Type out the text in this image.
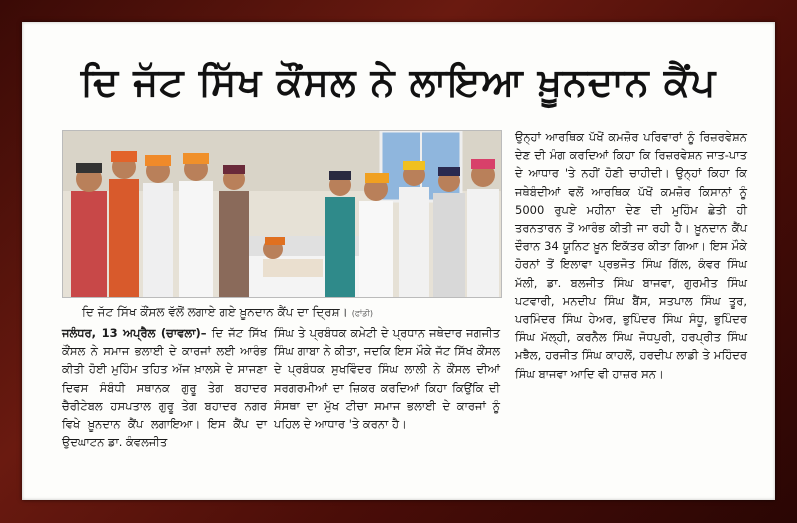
ਦਿ ਜੱਟ ਸਿੱਖ ਕੌਂਸਲ ਨੇ ਲਾਇਆ ਖ਼ੂਨਦਾਨ ਕੈਂਪ
ਦਿ ਜੱਟ ਸਿੱਖ ਕੌਂਸਲ ਵੱਲੋਂ ਲਗਾਏ ਗਏ ਖ਼ੂਨਦਾਨ ਕੈਂਪ ਦਾ ਦ੍ਰਿਸ਼। (ਫਾਂਡੀ)
ਜਲੰਧਰ, 13 ਅਪ੍ਰੈਲ (ਚਾਵਲਾ)– ਦਿ ਜੱਟ ਸਿੱਖ ਕੌਂਸਲ ਨੇ ਸਮਾਜ ਭਲਾਈ ਦੇ ਕਾਰਜਾਂ ਲਈ ਆਰੰਭ ਕੀਤੀ ਹੋਈ ਮੁਹਿੰਮ ਤਹਿਤ ਅੱਜ ਖ਼ਾਲਸੇ ਦੇ ਸਾਜਣਾ ਦਿਵਸ ਸੰਬੰਧੀ ਸਥਾਨਕ ਗੁਰੂ ਤੇਗ ਬਹਾਦਰ ਚੈਰੀਟੇਬਲ ਹਸਪਤਾਲ ਗੁਰੂ ਤੇਗ ਬਹਾਦਰ ਨਗਰ ਵਿਖੇ ਖ਼ੂਨਦਾਨ ਕੈਂਪ ਲਗਾਇਆ। ਇਸ ਕੈਂਪ ਦਾ ਉਦਘਾਟਨ ਡਾ. ਕੰਵਲਜੀਤ
ਸਿੰਘ ਤੇ ਪ੍ਰਬੰਧਕ ਕਮੇਟੀ ਦੇ ਪ੍ਰਧਾਨ ਜਥੇਦਾਰ ਜਗਜੀਤ ਸਿੰਘ ਗਾਬਾ ਨੇ ਕੀਤਾ, ਜਦਕਿ ਇਸ ਮੌਕੇ ਜੱਟ ਸਿੱਖ ਕੌਂਸਲ ਦੇ ਪ੍ਰਬੰਧਕ ਸੁਖਵਿੰਦਰ ਸਿੰਘ ਲਾਲੀ ਨੇ ਕੌਂਸਲ ਦੀਆਂ ਸਰਗਰਮੀਆਂ ਦਾ ਜ਼ਿਕਰ ਕਰਦਿਆਂ ਕਿਹਾ ਕਿਉਂਕਿ ਦੀ ਸੰਸਥਾ ਦਾ ਮੁੱਖ ਟੀਚਾ ਸਮਾਜ ਭਲਾਈ ਦੇ ਕਾਰਜਾਂ ਨੂੰ ਪਹਿਲ ਦੇ ਆਧਾਰ 'ਤੇ ਕਰਨਾ ਹੈ।
ਉਨ੍ਹਾਂ ਆਰਥਿਕ ਪੱਖੋਂ ਕਮਜ਼ੋਰ ਪਰਿਵਾਰਾਂ ਨੂੰ ਰਿਜ਼ਰਵੇਸ਼ਨ ਦੇਣ ਦੀ ਮੰਗ ਕਰਦਿਆਂ ਕਿਹਾ ਕਿ ਰਿਜ਼ਰਵੇਸ਼ਨ ਜਾਤ-ਪਾਤ ਦੇ ਆਧਾਰ 'ਤੇ ਨਹੀਂ ਹੋਣੀ ਚਾਹੀਦੀ। ਉਨ੍ਹਾਂ ਕਿਹਾ ਕਿ ਜਥੇਬੰਦੀਆਂ ਵਲੋਂ ਆਰਥਿਕ ਪੱਖੋਂ ਕਮਜ਼ੋਰ ਕਿਸਾਨਾਂ ਨੂੰ 5000 ਰੁਪਏ ਮਹੀਨਾ ਦੇਣ ਦੀ ਮੁਹਿੰਮ ਛੇਤੀ ਹੀ ਤਰਨਤਾਰਨ ਤੋਂ ਆਰੰਭ ਕੀਤੀ ਜਾ ਰਹੀ ਹੈ। ਖ਼ੂਨਦਾਨ ਕੈਂਪ ਦੌਰਾਨ 34 ਯੂਨਿਟ ਖ਼ੂਨ ਇਕੱਤਰ ਕੀਤਾ ਗਿਆ। ਇਸ ਮੌਕੇ ਹੋਰਨਾਂ ਤੋਂ ਇਲਾਵਾ ਪ੍ਰਭਜੋਤ ਸਿੰਘ ਗਿੱਲ, ਕੰਵਰ ਸਿੰਘ ਮੱਲੀ, ਡਾ. ਬਲਜੀਤ ਸਿੰਘ ਬਾਜਵਾ, ਗੁਰਮੀਤ ਸਿੰਘ ਪਟਵਾਰੀ, ਮਨਦੀਪ ਸਿੰਘ ਬੈਂਸ, ਸਤਪਾਲ ਸਿੰਘ ਤੂਰ, ਪਰਮਿੰਦਰ ਸਿੰਘ ਹੇਅਰ, ਭੁਪਿੰਦਰ ਸਿੰਘ ਸੰਧੂ, ਭੁਪਿੰਦਰ ਸਿੰਘ ਮੱਲ੍ਹੀ, ਕਰਨੈਲ ਸਿੰਘ ਜੋਧਪੁਰੀ, ਹਰਪ੍ਰੀਤ ਸਿੰਘ ਮਝੈਲ, ਹਰਜੀਤ ਸਿੰਘ ਕਾਹਲੋਂ, ਹਰਦੀਪ ਲਾਡੀ ਤੇ ਮਹਿੰਦਰ ਸਿੰਘ ਬਾਜਵਾ ਆਦਿ ਵੀ ਹਾਜ਼ਰ ਸਨ।
